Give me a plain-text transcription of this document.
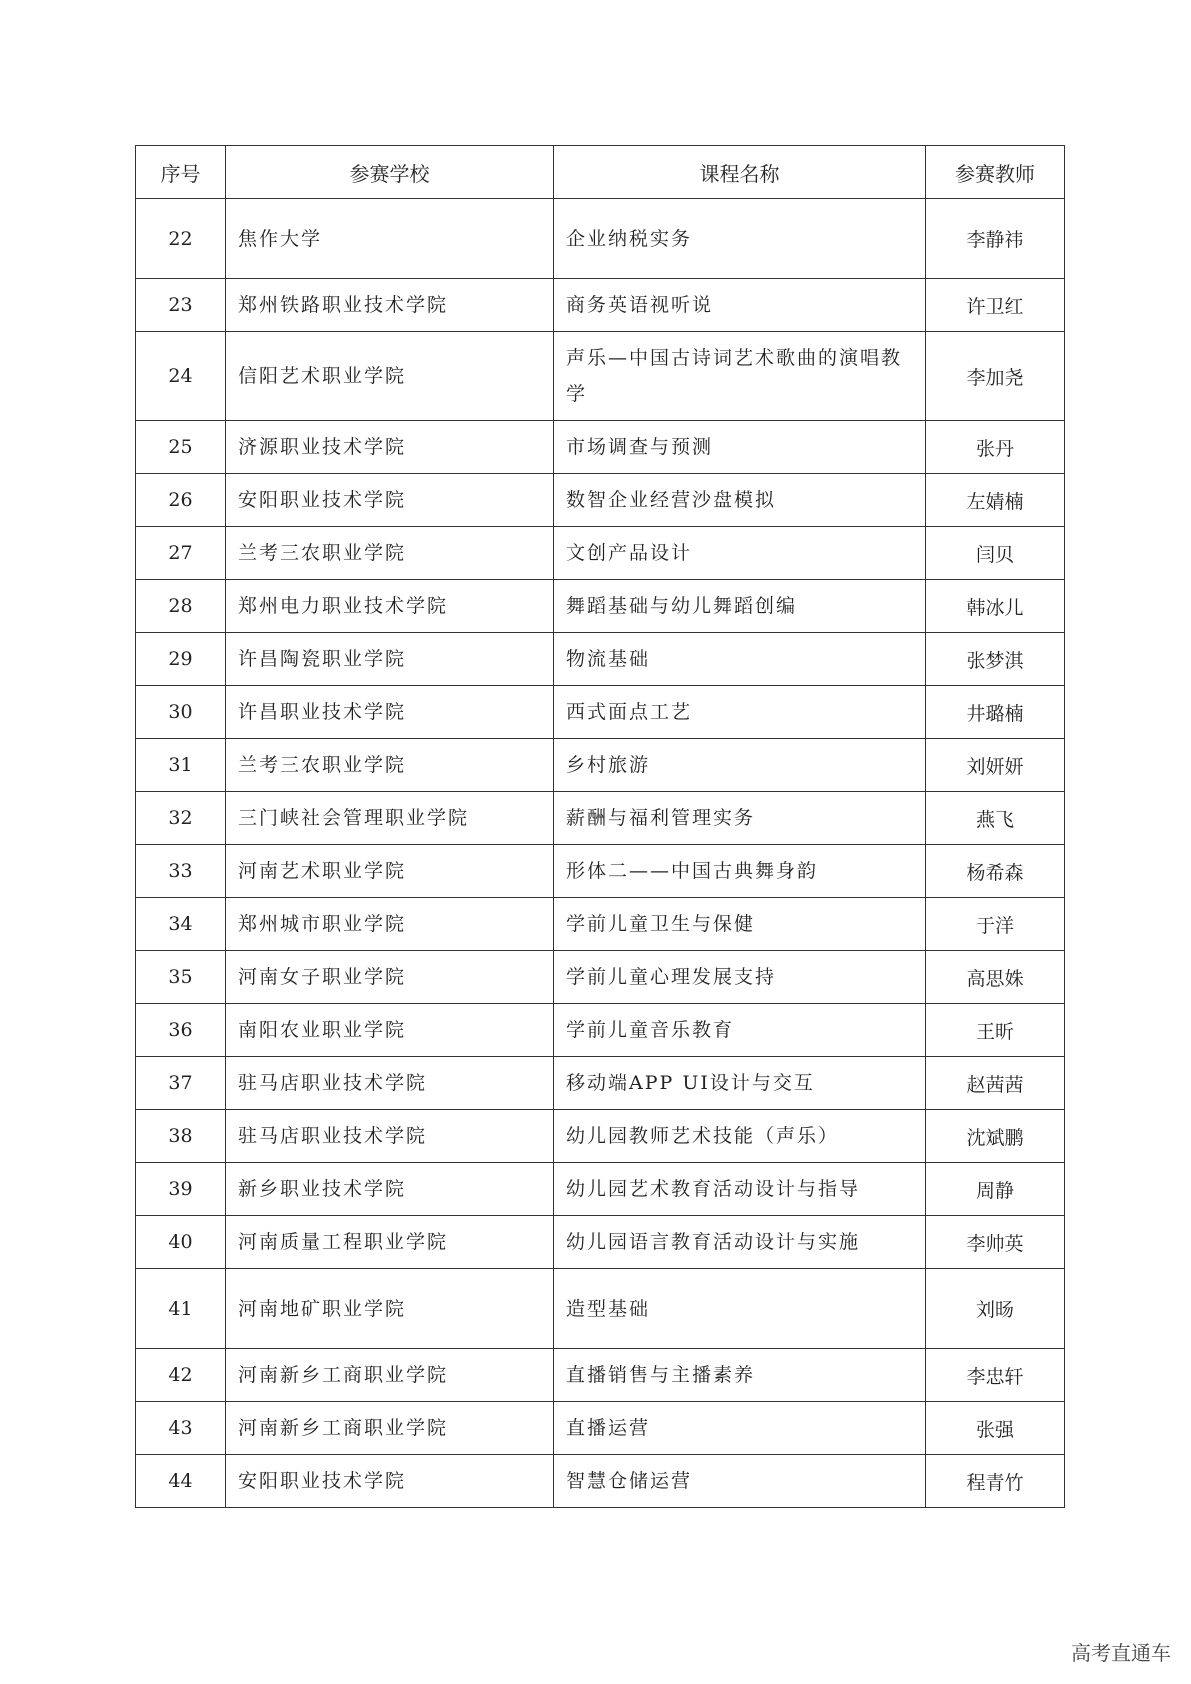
序号	参赛学校	课程名称	参赛教师
22	焦作大学	企业纳税实务	李静祎
23	郑州铁路职业技术学院	商务英语视听说	许卫红
24	信阳艺术职业学院	声乐—中国古诗词艺术歌曲的演唱教学	李加尧
25	济源职业技术学院	市场调查与预测	张丹
26	安阳职业技术学院	数智企业经营沙盘模拟	左婧楠
27	兰考三农职业学院	文创产品设计	闫贝
28	郑州电力职业技术学院	舞蹈基础与幼儿舞蹈创编	韩冰儿
29	许昌陶瓷职业学院	物流基础	张梦淇
30	许昌职业技术学院	西式面点工艺	井璐楠
31	兰考三农职业学院	乡村旅游	刘妍妍
32	三门峡社会管理职业学院	薪酬与福利管理实务	燕飞
33	河南艺术职业学院	形体二——中国古典舞身韵	杨希森
34	郑州城市职业学院	学前儿童卫生与保健	于洋
35	河南女子职业学院	学前儿童心理发展支持	高思姝
36	南阳农业职业学院	学前儿童音乐教育	王昕
37	驻马店职业技术学院	移动端APP UI设计与交互	赵茜茜
38	驻马店职业技术学院	幼儿园教师艺术技能（声乐）	沈斌鹏
39	新乡职业技术学院	幼儿园艺术教育活动设计与指导	周静
40	河南质量工程职业学院	幼儿园语言教育活动设计与实施	李帅英
41	河南地矿职业学院	造型基础	刘旸
42	河南新乡工商职业学院	直播销售与主播素养	李忠轩
43	河南新乡工商职业学院	直播运营	张强
44	安阳职业技术学院	智慧仓储运营	程青竹
高考直通车
